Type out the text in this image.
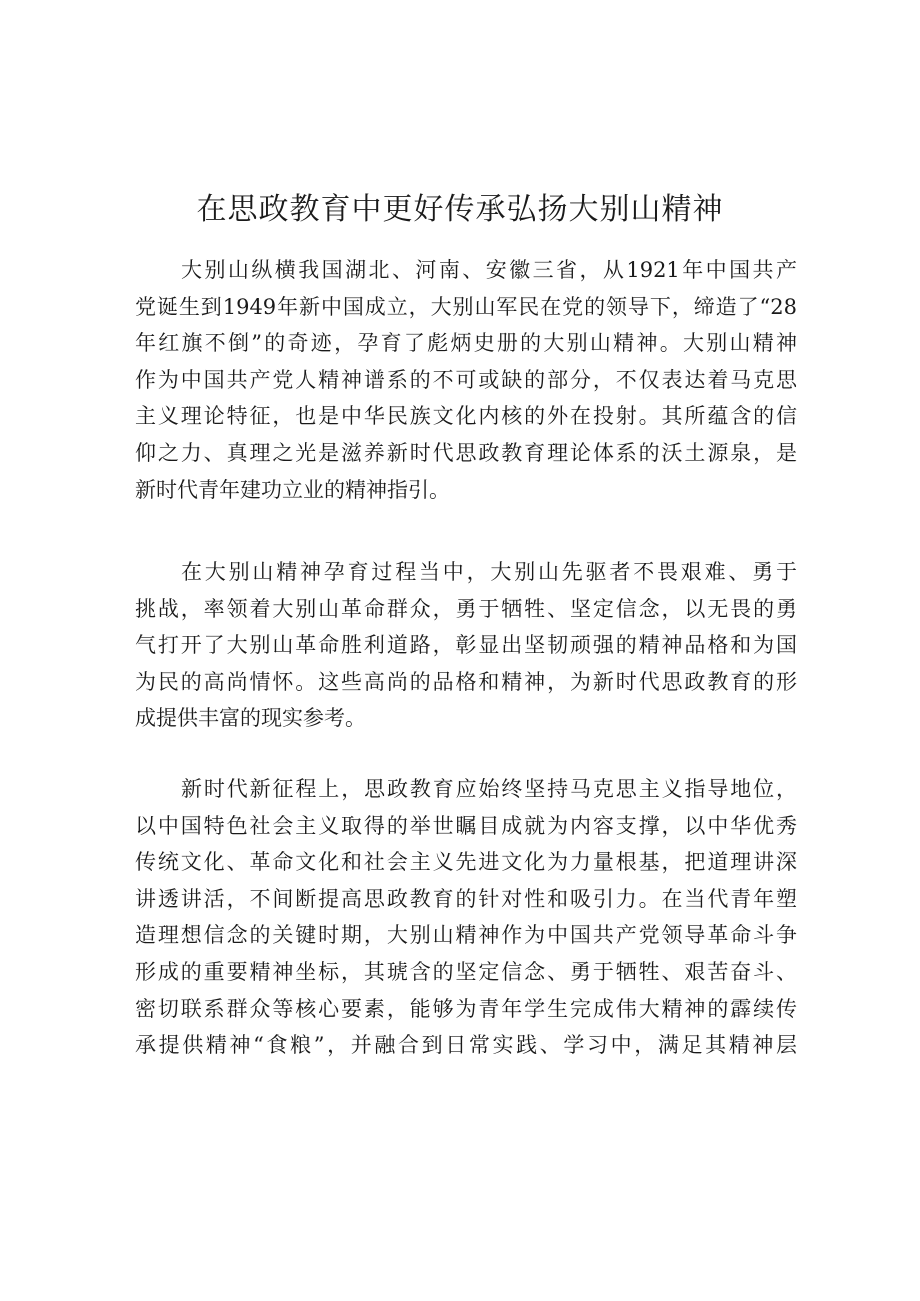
在思政教育中更好传承弘扬大别山精神
大别山纵横我国湖北、河南、安徽三省，从1921年中国共产
党诞生到1949年新中国成立，大别山军民在党的领导下，缔造了“28
年红旗不倒”的奇迹，孕育了彪炳史册的大别山精神。大别山精神
作为中国共产党人精神谱系的不可或缺的部分，不仅表达着马克思
主义理论特征，也是中华民族文化内核的外在投射。其所蕴含的信
仰之力、真理之光是滋养新时代思政教育理论体系的沃土源泉，是
新时代青年建功立业的精神指引。
在大别山精神孕育过程当中，大别山先驱者不畏艰难、勇于
挑战，率领着大别山革命群众，勇于牺牲、坚定信念，以无畏的勇
气打开了大别山革命胜利道路，彰显出坚韧顽强的精神品格和为国
为民的高尚情怀。这些高尚的品格和精神，为新时代思政教育的形
成提供丰富的现实参考。
新时代新征程上，思政教育应始终坚持马克思主义指导地位，
以中国特色社会主义取得的举世瞩目成就为内容支撑，以中华优秀
传统文化、革命文化和社会主义先进文化为力量根基，把道理讲深
讲透讲活，不间断提高思政教育的针对性和吸引力。在当代青年塑
造理想信念的关键时期，大别山精神作为中国共产党领导革命斗争
形成的重要精神坐标，其琥含的坚定信念、勇于牺牲、艰苦奋斗、
密切联系群众等核心要素，能够为青年学生完成伟大精神的霹续传
承提供精神“食粮”，并融合到日常实践、学习中，满足其精神层
